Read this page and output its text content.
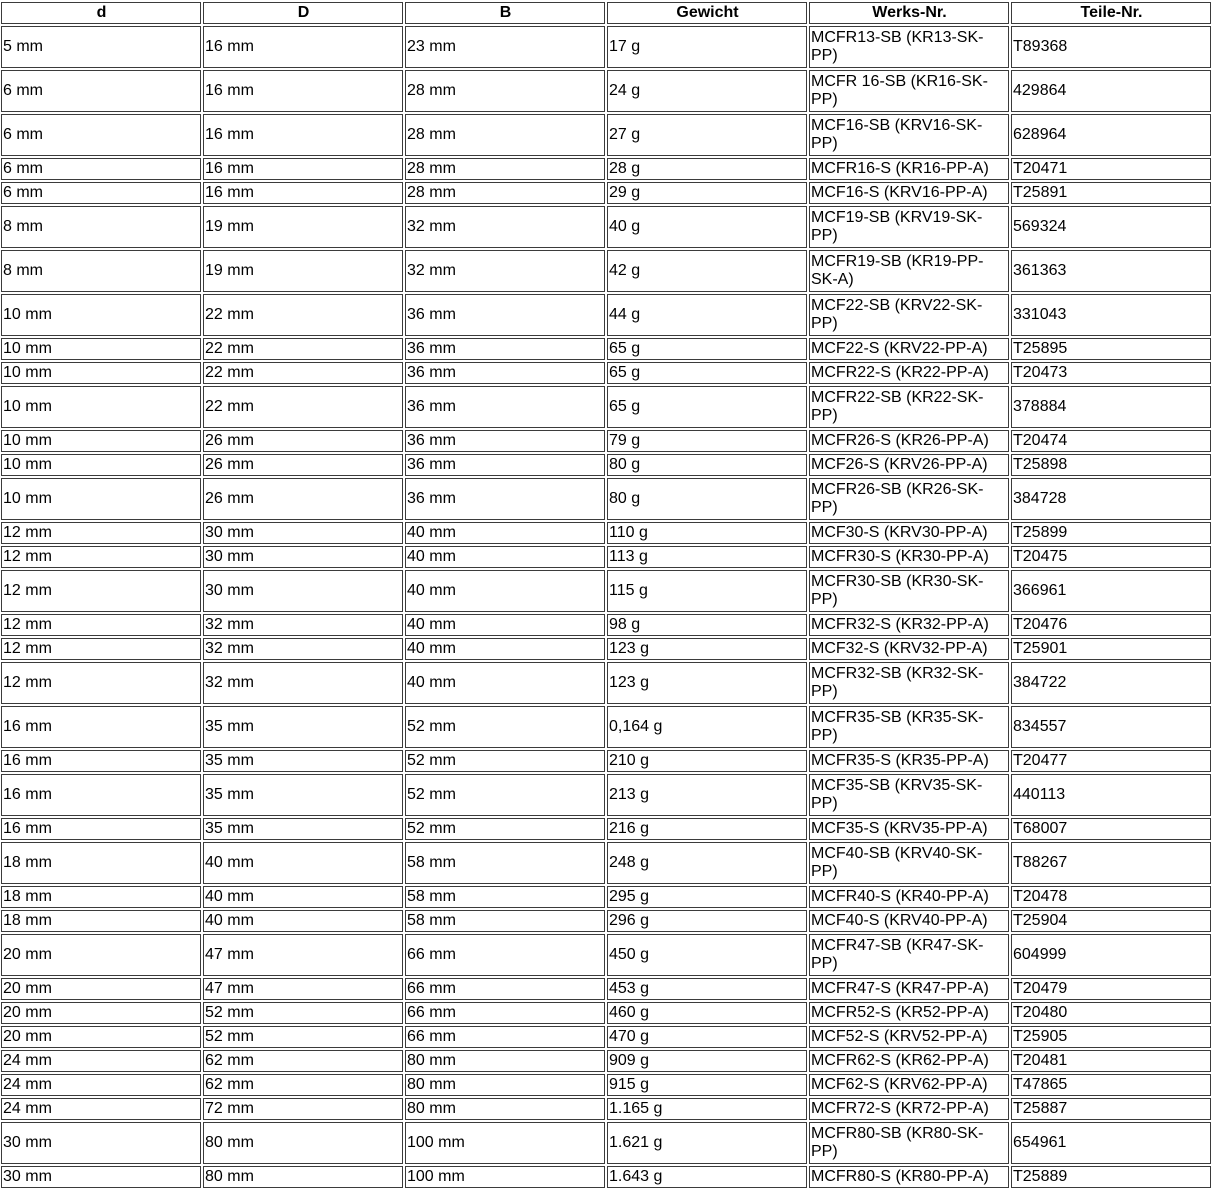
d	D	B	Gewicht	Werks-Nr.	Teile-Nr.
5 mm	16 mm	23 mm	17 g	MCFR13-SB (KR13-SK-PP)	T89368
6 mm	16 mm	28 mm	24 g	MCFR 16-SB (KR16-SK-PP)	429864
6 mm	16 mm	28 mm	27 g	MCF16-SB (KRV16-SK-PP)	628964
6 mm	16 mm	28 mm	28 g	MCFR16-S (KR16-PP-A)	T20471
6 mm	16 mm	28 mm	29 g	MCF16-S (KRV16-PP-A)	T25891
8 mm	19 mm	32 mm	40 g	MCF19-SB (KRV19-SK-PP)	569324
8 mm	19 mm	32 mm	42 g	MCFR19-SB (KR19-PP-SK-A)	361363
10 mm	22 mm	36 mm	44 g	MCF22-SB (KRV22-SK-PP)	331043
10 mm	22 mm	36 mm	65 g	MCF22-S (KRV22-PP-A)	T25895
10 mm	22 mm	36 mm	65 g	MCFR22-S (KR22-PP-A)	T20473
10 mm	22 mm	36 mm	65 g	MCFR22-SB (KR22-SK-PP)	378884
10 mm	26 mm	36 mm	79 g	MCFR26-S (KR26-PP-A)	T20474
10 mm	26 mm	36 mm	80 g	MCF26-S (KRV26-PP-A)	T25898
10 mm	26 mm	36 mm	80 g	MCFR26-SB (KR26-SK-PP)	384728
12 mm	30 mm	40 mm	110 g	MCF30-S (KRV30-PP-A)	T25899
12 mm	30 mm	40 mm	113 g	MCFR30-S (KR30-PP-A)	T20475
12 mm	30 mm	40 mm	115 g	MCFR30-SB (KR30-SK-PP)	366961
12 mm	32 mm	40 mm	98 g	MCFR32-S (KR32-PP-A)	T20476
12 mm	32 mm	40 mm	123 g	MCF32-S (KRV32-PP-A)	T25901
12 mm	32 mm	40 mm	123 g	MCFR32-SB (KR32-SK-PP)	384722
16 mm	35 mm	52 mm	0,164 g	MCFR35-SB (KR35-SK-PP)	834557
16 mm	35 mm	52 mm	210 g	MCFR35-S (KR35-PP-A)	T20477
16 mm	35 mm	52 mm	213 g	MCF35-SB (KRV35-SK-PP)	440113
16 mm	35 mm	52 mm	216 g	MCF35-S (KRV35-PP-A)	T68007
18 mm	40 mm	58 mm	248 g	MCF40-SB (KRV40-SK-PP)	T88267
18 mm	40 mm	58 mm	295 g	MCFR40-S (KR40-PP-A)	T20478
18 mm	40 mm	58 mm	296 g	MCF40-S (KRV40-PP-A)	T25904
20 mm	47 mm	66 mm	450 g	MCFR47-SB (KR47-SK-PP)	604999
20 mm	47 mm	66 mm	453 g	MCFR47-S (KR47-PP-A)	T20479
20 mm	52 mm	66 mm	460 g	MCFR52-S (KR52-PP-A)	T20480
20 mm	52 mm	66 mm	470 g	MCF52-S (KRV52-PP-A)	T25905
24 mm	62 mm	80 mm	909 g	MCFR62-S (KR62-PP-A)	T20481
24 mm	62 mm	80 mm	915 g	MCF62-S (KRV62-PP-A)	T47865
24 mm	72 mm	80 mm	1.165 g	MCFR72-S (KR72-PP-A)	T25887
30 mm	80 mm	100 mm	1.621 g	MCFR80-SB (KR80-SK-PP)	654961
30 mm	80 mm	100 mm	1.643 g	MCFR80-S (KR80-PP-A)	T25889
